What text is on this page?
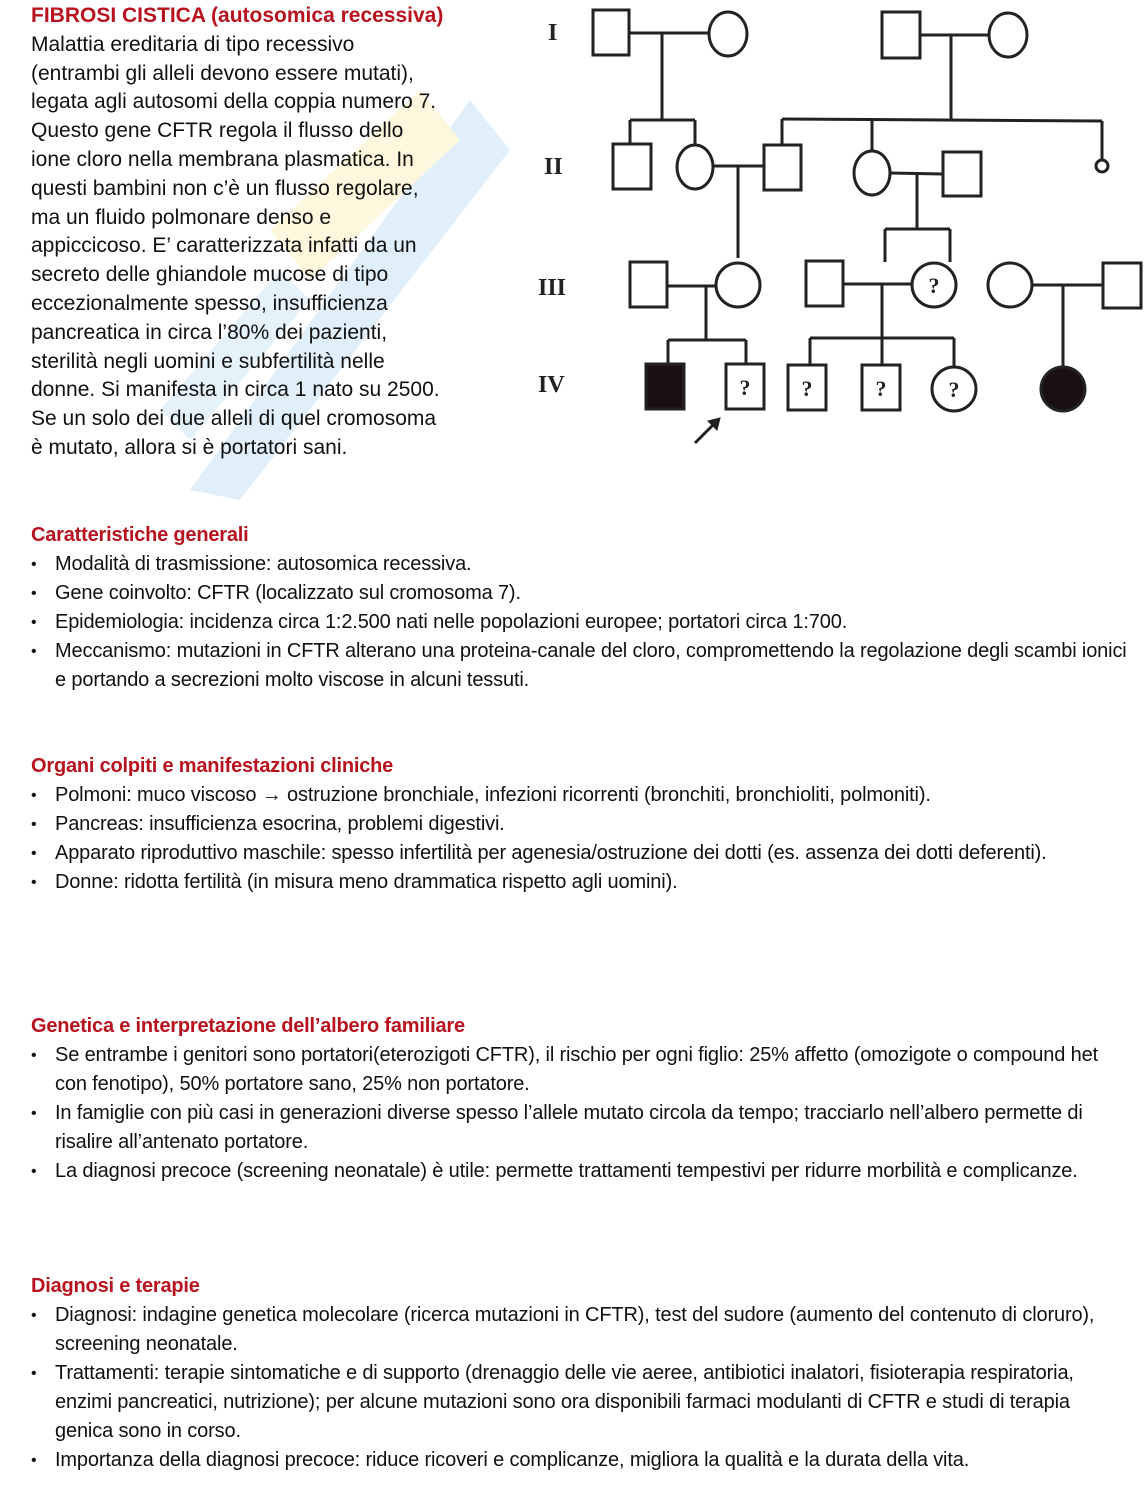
FIBROSI CISTICA (autosomica recessiva)
Malattia ereditaria di tipo recessivo
(entrambi gli alleli devono essere mutati),
legata agli autosomi della coppia numero 7.
Questo gene CFTR regola il flusso dello
ione cloro nella membrana plasmatica. In
questi bambini non c’è un flusso regolare,
ma un fluido polmonare denso e
appiccicoso. E’ caratterizzata infatti da un
secreto delle ghiandole mucose di tipo
eccezionalmente spesso, insufficienza
pancreatica in circa l’80% dei pazienti,
sterilità negli uomini e subfertilità nelle
donne. Si manifesta in circa 1 nato su 2500.
Se un solo dei due alleli di quel cromosoma
è mutato, allora si è portatori sani.
I
II
III
IV
?
? ?	?	?
Caratteristiche generali
• Modalità di trasmissione: autosomica recessiva.
• Gene coinvolto: CFTR (localizzato sul cromosoma 7).
• Epidemiologia: incidenza circa 1:2.500 nati nelle popolazioni europee; portatori circa 1:700.
• Meccanismo: mutazioni in CFTR alterano una proteina-canale del cloro, compromettendo la regolazione degli scambi ionici e portando a secrezioni molto viscose in alcuni tessuti.
Organi colpiti e manifestazioni cliniche
• Polmoni: muco viscoso → ostruzione bronchiale, infezioni ricorrenti (bronchiti, bronchioliti, polmoniti).
• Pancreas: insufficienza esocrina, problemi digestivi.
• Apparato riproduttivo maschile: spesso infertilità per agenesia/ostruzione dei dotti (es. assenza dei dotti deferenti).
• Donne: ridotta fertilità (in misura meno drammatica rispetto agli uomini).
Genetica e interpretazione dell’albero familiare
• Se entrambe i genitori sono portatori(eterozigoti CFTR), il rischio per ogni figlio: 25% affetto (omozigote o compound het con fenotipo), 50% portatore sano, 25% non portatore.
• In famiglie con più casi in generazioni diverse spesso l’allele mutato circola da tempo; tracciarlo nell’albero permette di risalire all’antenato portatore.
• La diagnosi precoce (screening neonatale) è utile: permette trattamenti tempestivi per ridurre morbilità e complicanze.
Diagnosi e terapie
• Diagnosi: indagine genetica molecolare (ricerca mutazioni in CFTR), test del sudore (aumento del contenuto di cloruro), screening neonatale.
• Trattamenti: terapie sintomatiche e di supporto (drenaggio delle vie aeree, antibiotici inalatori, fisioterapia respiratoria, enzimi pancreatici, nutrizione); per alcune mutazioni sono ora disponibili farmaci modulanti di CFTR e studi di terapia genica sono in corso.
• Importanza della diagnosi precoce: riduce ricoveri e complicanze, migliora la qualità e la durata della vita.
